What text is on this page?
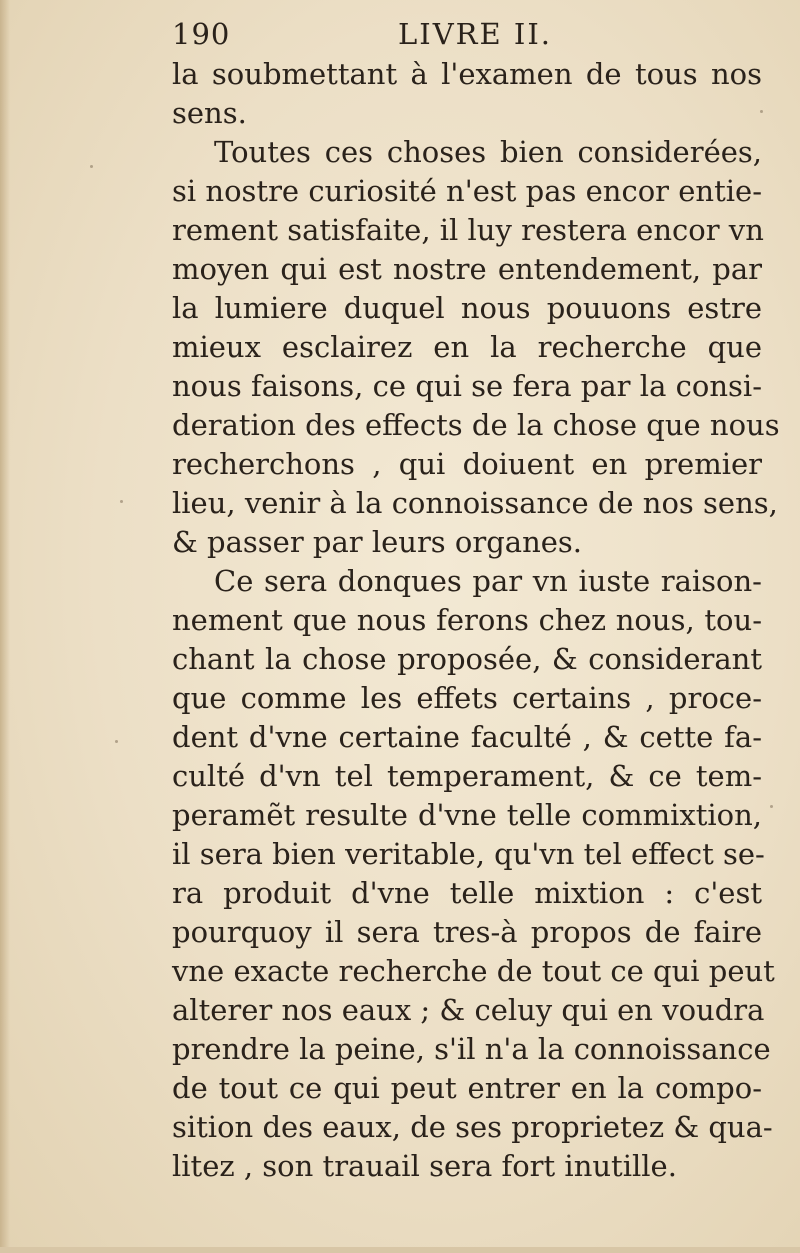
190	LIVRE II.
la soubmettant à l'examen de tous nos
sens.
Toutes ces choses bien considerées,
si nostre curiosité n'est pas encor entie-
rement satisfaite, il luy restera encor vn
moyen qui est nostre entendement, par
la lumiere duquel nous pouuons estre
mieux esclairez en la recherche que
nous faisons, ce qui se fera par la consi-
deration des effects de la chose que nous
recherchons , qui doiuent en premier
lieu, venir à la connoissance de nos sens,
& passer par leurs organes.
Ce sera donques par vn iuste raison-
nement que nous ferons chez nous, tou-
chant la chose proposée, & considerant
que comme les effets certains , proce-
dent d'vne certaine faculté , & cette fa-
culté d'vn tel temperament, & ce tem-
peramẽt resulte d'vne telle commixtion,
il sera bien veritable, qu'vn tel effect se-
ra produit d'vne telle mixtion : c'est
pourquoy il sera tres-à propos de faire
vne exacte recherche de tout ce qui peut
alterer nos eaux ; & celuy qui en voudra
prendre la peine, s'il n'a la connoissance
de tout ce qui peut entrer en la compo-
sition des eaux, de ses proprietez & qua-
litez , son trauail sera fort inutille.
